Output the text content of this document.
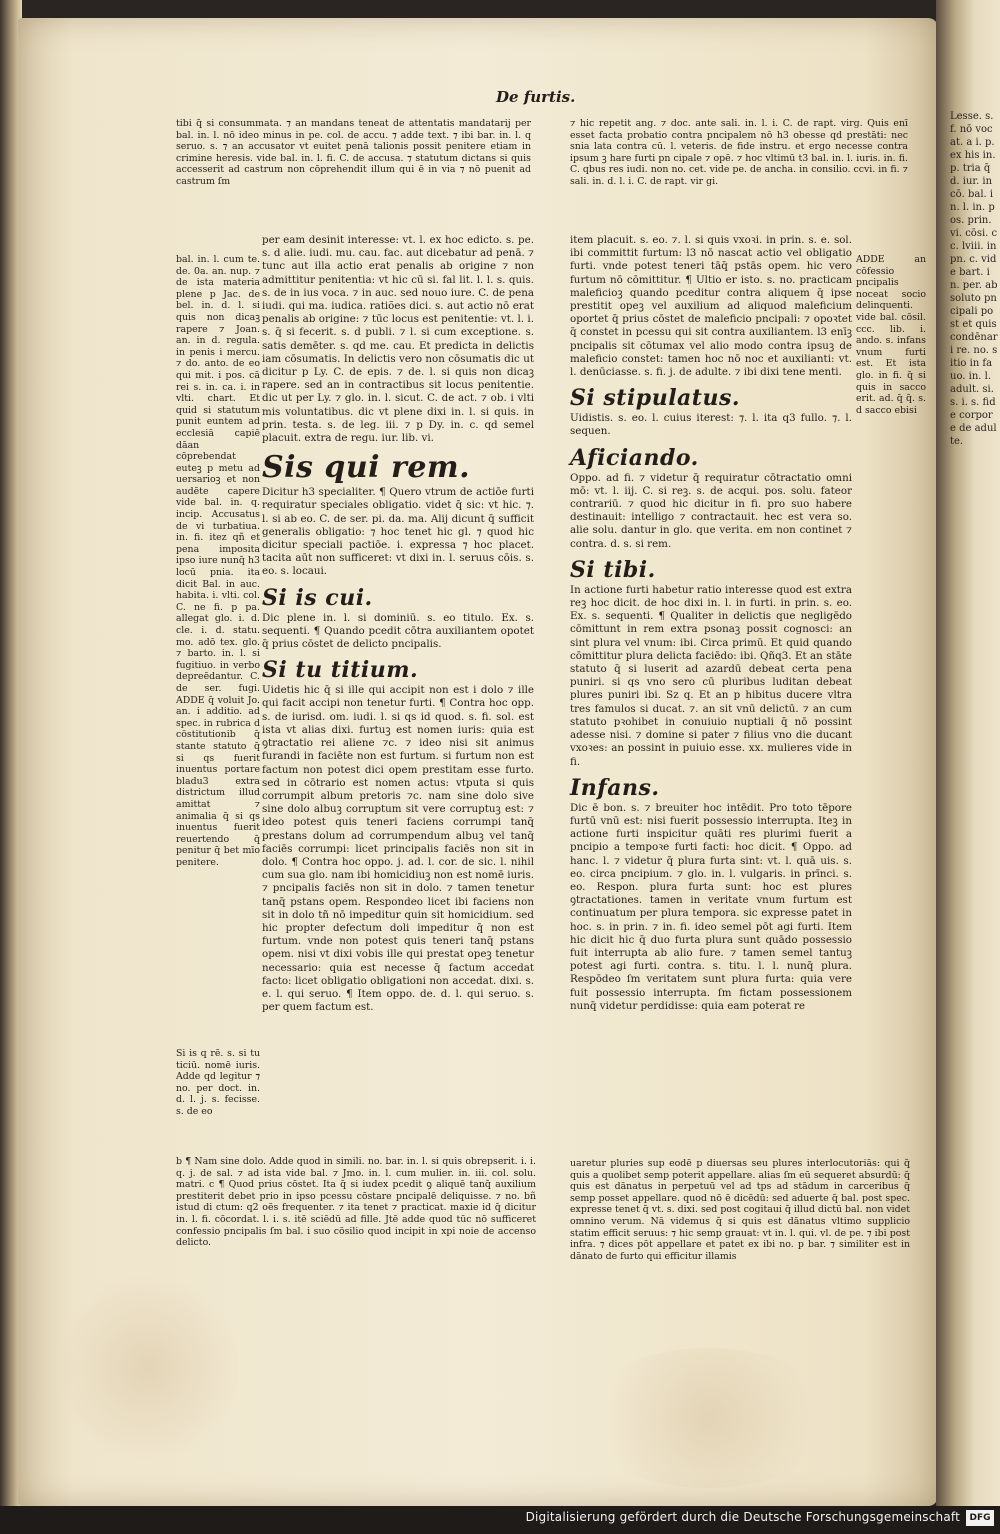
De furtis.

tibi q̄ si consummata. ⁊ an mandans teneat de attentatis mandatarij per bal. in. l. nō ideo minus in pe. col. de accu. ⁊ adde text. ⁊ ibi bar. in. l. q seruo. s. ⁊ an accusator vt euitet penā talionis possit penitere etiam in crimine heresis. vide bal. in. l. fi. C. de accusa. ⁊ statutum dictans si quis accesserit ad castrum non cōprehendit illum qui ē in via ⁊ nō puenit ad castrum ſm

bal. in. l. cum te. de. 0a. an. nup. ⁊ de ista materia plene p Jac. de bel. in. d. l. si quis non dicaꝫ rapere ⁊ Joan. an. in d. regula. in penis i mercu. ⁊ do. anto. de eo qui mit. i pos. cā rei s. in. ca. i. in vlti. chart. Et quid si statutum punit euntem ad ecclesiā capiē dāan cōprebendat euteꝫ p metu ad uersarioꝫ et non audēte capere vide bal. in. q. incip. Accusatus de vi turbatiua. in. fi. itez qñ et pena imposita ipso iure nunq̄ h3 locū pnia. ita dicit Bal. in auc. habita. i. vlti. col. C. ne fi. p pa. allegat glo. i. d. cle. i. d. statu. mo. adō tex. glo. ⁊ barto. in. l. si fugitiuo. in verbo depreēdantur. C. de ser. fugi. ADDE q̄ voluit Jo. an. i additio. ad spec. in rubrica d cōstitutionib q̄ stante statuto q̄ si qs fuerit inuentus portare bladu3 extra districtum illud amittat ⁊ animalia q̄ si qs inuentus fuerit reuertendo q̄ penitur q̄ bet mīo penitere.

per eam desinit interesse: vt. l. ex hoc edicto. s. pe. s. d alie. iudi. mu. cau. fac. aut dicebatur ad penā. ⁊ tunc aut illa actio erat penalis ab origine ⁊ non admittitur penitentia: vt hic cū si. fal lit. l. l. s. quis. s. de in ius voca. ⁊ in auc. sed nouo iure. C. de pena iudi. qui ma. iudica. ratiões dici. s. aut actio nō erat penalis ab origine: ⁊ tūc locus est penitentie: vt. l. i. s. q̄ si fecerit. s. d publi. ⁊ l. si cum exceptione. s. satis demēter. s. qd me. cau. Et predicta in delictis iam cōsumatis. In delictis vero non cōsumatis dic ut dicitur p Ly. C. de epis. ⁊ de. l. si quis non dicaꝫ rapere. sed an in contractibus sit locus penitentie. dic ut per Ly. ⁊ glo. in. l. sicut. C. de act. ⁊ ob. i vlti mis voluntatibus. dic vt plene dixi in. l. si quis. in prin. testa. s. de leg. iii. ⁊ p Dy. in. c. qd semel placuit. extra de regu. iur. lib. vi.

Sis qui rem.

Dicitur h3 specialiter. ¶ Quero vtrum de actiōe furti requiratur speciales obligatio. videt q̄ sic: vt hic. ⁊. l. si ab eo. C. de ser. pi. da. ma. Alij dicunt q̄ sufficit generalis obligatio: ⁊ hoc tenet hic gl. ⁊ quod hic dicitur speciali pactiōe. i. expressa ⁊ hoc placet. tacita aūt non sufficeret: vt dixi in. l. seruus cōis. s. eo. s. locaui.

Si is cui.

Dic plene in. l. si dominiū. s. eo titulo. Ex. s. sequenti. ¶ Quando pcedit cōtra auxiliantem opotet q̄ prius cōstet de delicto pncipalis.

Si tu titium.

Uidetis hic q̄ si ille qui accipit non est i dolo ⁊ ille qui facit accipi non tenetur furti. ¶ Contra hoc opp. s. de iurisd. om. iudi. l. si qs id quod. s. fi. sol. est ista vt alias dixi. furtuꝫ est nomen iuris: quia est ꝯtractatio rei aliene ⁊c. ⁊ ideo nisi sit animus furandi in faciēte non est furtum. si furtum non est factum non potest dici opem prestitam esse furto. sed in cōtrario est nomen actus: vtputa si quis corrumpit album pretoris ⁊c. nam sine dolo sive sine dolo albuꝫ corruptum sit vere corruptuꝫ est: ⁊ ideo potest quis teneri faciens corrumpi tanq̄ prestans dolum ad corrumpendum albuꝫ vel tanq̄ faciēs corrumpi: licet principalis faciēs non sit in dolo. ¶ Contra hoc oppo. j. ad. l. cor. de sic. l. nihil cum sua glo. nam ibi homicidiuꝫ non est nomē iuris. ⁊ pncipalis faciēs non sit in dolo. ⁊ tamen tenetur tanq̄ pstans opem. Respondeo licet ibi faciens non sit in dolo tñ nō impeditur quin sit homicidium. sed hic propter defectum doli impeditur q̄ non est furtum. vnde non potest quis teneri tanq̄ pstans opem. nisi vt dixi vobis ille qui prestat opeꝫ tenetur necessario: quia est necesse q̄ factum accedat facto: licet obligatio obligationi non accedat. dixi. s. e. l. qui seruo. ¶ Item oppo. de. d. l. qui seruo. s. per quem factum est.

Si is q rē. s. si tu ticiū. nomē iuris. Adde qd legitur ⁊ no. per doct. in. d. l. j. s. fecisse. s. de eo

b ¶ Nam sine dolo. Adde quod in simili. no. bar. in. l. si quis obrepserit. i. i. q. j. de sal. ⁊ ad ista vide bal. ⁊ Jmo. in. l. cum mulier. in. iii. col. solu. matri. c ¶ Quod prius cōstet. Ita q̄ si iudex pcedit ꝯ aliquē tanq̄ auxilium prestiterit debet prio in ipso pcessu cōstare pncipalē deliquisse. ⁊ no. bñ istud di ctum: q2 oēs frequenter. ⁊ ita tenet ⁊ practicat. maxie id q̄ dicitur in. l. fi. cōcordat. l. i. s. itē sciēdū ad fille. Jtē adde quod tūc nō sufficeret confessio pncipalis ſm bal. i suo cōsilio quod incipit in xpi noie de accenso delicto.

⁊ hic repetit ang. ⁊ doc. ante sali. in. l. i. C. de rapt. virg. Quis enī esset facta probatio contra pncipalem nō h3 obesse qd prestāti: nec snia lata contra cū. l. veteris. de fide instru. et ergo necesse contra ipsum ꝫ hare furti pn cipale ⁊ opē. ⁊ hoc vltimū t3 bal. in. l. iuris. in. fi. C. qbus res iudi. non no. cet. vide pe. de ancha. in consilio. ccvi. in fi. ⁊ sali. in. d. l. i. C. de rapt. vir gi.

item placuit. s. eo. ⁊. l. si quis vxoꝛi. in prin. s. e. sol. ibi committit furtum: l3 nō nascat actio vel obligatio furti. vnde potest teneri tāq̄ pstās opem. hic vero furtum nō cōmittitur. ¶ Ultio er isto. s. no. practicam maleficioꝫ quando pceditur contra aliquem q̄ ipse prestitit opeꝫ vel auxilium ad aliquod maleficium oportet q̄ prius cōstet de maleficio pncipali: ⁊ opoꝛtet q̄ constet in pcessu qui sit contra auxiliantem. l3 enīꝫ pncipalis sit cōtumax vel alio modo contra ipsuꝫ de maleficio constet: tamen hoc nō noc et auxilianti: vt. l. denūciasse. s. fi. j. de adulte. ⁊ ibi dixi tene menti.

Si stipulatus.

Uidistis. s. eo. l. cuius iterest: ⁊. l. ita q3 fullo. ⁊. l. sequen.

Aficiando.

Oppo. ad fi. ⁊ videtur q̄ requiratur cōtractatio omni mō: vt. l. iij. C. si reꝫ. s. de acqui. pos. solu. fateor contrariū. ⁊ quod hic dicitur in fi. pro suo habere destinauit: intelligo ⁊ contractauit. hec est vera so. alie solu. dantur in glo. que verita. em non continet ⁊ contra. d. s. si rem.

Si tibi.

In actione furti habetur ratio interesse quod est extra reꝫ hoc dicit. de hoc dixi in. l. in furti. in prin. s. eo. Ex. s. sequenti. ¶ Qualiter in delictis que negligēdo cōmittunt in rem extra psonaꝫ possit cognosci: an sint plura vel vnum: ibi. Circa primū. Et quid quando cōmittitur plura delicta faciēdo: ibi. Qñq3. Et an stāte statuto q̄ si luserit ad azardū debeat certa pena puniri. si qs vno sero cū pluribus luditan debeat plures puniri ibi. Sz q. Et an p hibitus ducere vltra tres famulos si ducat. ⁊. an sit vnū delictū. ⁊ an cum statuto pꝛohibet in conuiuio nuptiali q̄ nō possint adesse nisi. ⁊ domine si pater ⁊ filius vno die ducant vxoꝛes: an possint in puiuio esse. xx. mulieres vide in fi.

Infans.

Dic ē bon. s. ⁊ breuiter hoc intēdit. Pro toto tēpore furtū vnū est: nisi fuerit possessio interrupta. Iteꝫ in actione furti inspicitur quāti res plurimi fuerit a pncipio a tempoꝛe furti facti: hoc dicit. ¶ Oppo. ad hanc. l. ⁊ videtur q̄ plura furta sint: vt. l. quā uis. s. eo. circa pncipium. ⁊ glo. in. l. vulgaris. in prīnci. s. eo. Respon. plura furta sunt: hoc est plures ꝯtractationes. tamen in veritate vnum furtum est continuatum per plura tempora. sic expresse patet in hoc. s. in prin. ⁊ in. fi. ideo semel pōt agi furti. Item hic dicit hic q̄ duo furta plura sunt quādo possessio fuit interrupta ab alio fure. ⁊ tamen semel tantuꝫ potest agi furti. contra. s. titu. l. l. nunq̄ plura. Respōdeo ſm veritatem sunt plura furta: quia vere fuit possessio interrupta. ſm fictam possessionem nunq̄ videtur perdidisse: quia eam poterat re

ADDE an cōfessio pncipalis noceat socio delinquenti. vide bal. cōsil. ccc. lib. i. ando. s. infans vnum furti est. Et ista glo. in fi. q̄ si quis in sacco erit. ad. q̄ q̄. s. d sacco ebisi

uaretur pluries sup eodē p diuersas seu plures interlocutoriās: qui q̄ quis a quolibet semp poterit appellare. alias ſm eū sequeret absurdū: q̄ quis est dānatus in perpetuū vel ad tps ad stādum in carceribus q̄ semp posset appellare. quod nō ē dicēdū: sed aduerte q̄ bal. post spec. expresse tenet q̄ vt. s. dixi. sed post cogitaui q̄ illud dictū bal. non videt omnino verum. Nā videmus q̄ si quis est dānatus vltimo supplicio statim efficit seruus: ⁊ hic semp grauat: vt in. l. qui. vl. de pe. ⁊ ibi post infra. ⁊ dices pōt appellare et patet ex ibi no. p bar. ⁊ similiter est in dānato de furto qui efficitur illamis

Lesse. s. f. nō vocat. a i. p. ex his in. p. tria q̄ d. iur. in cō. bal. in. l. in. pos. prin. vi. cōsi. cc. lviii. in pn. c. vide bart. in. per. absoluto pncipali post et quis condēnari re. no. sitio in fauo. in. l. adult. si. s. i. s. fide corpore de adulte.
Digitalisierung gefördert durch die Deutsche Forschungsgemeinschaft	DFG
